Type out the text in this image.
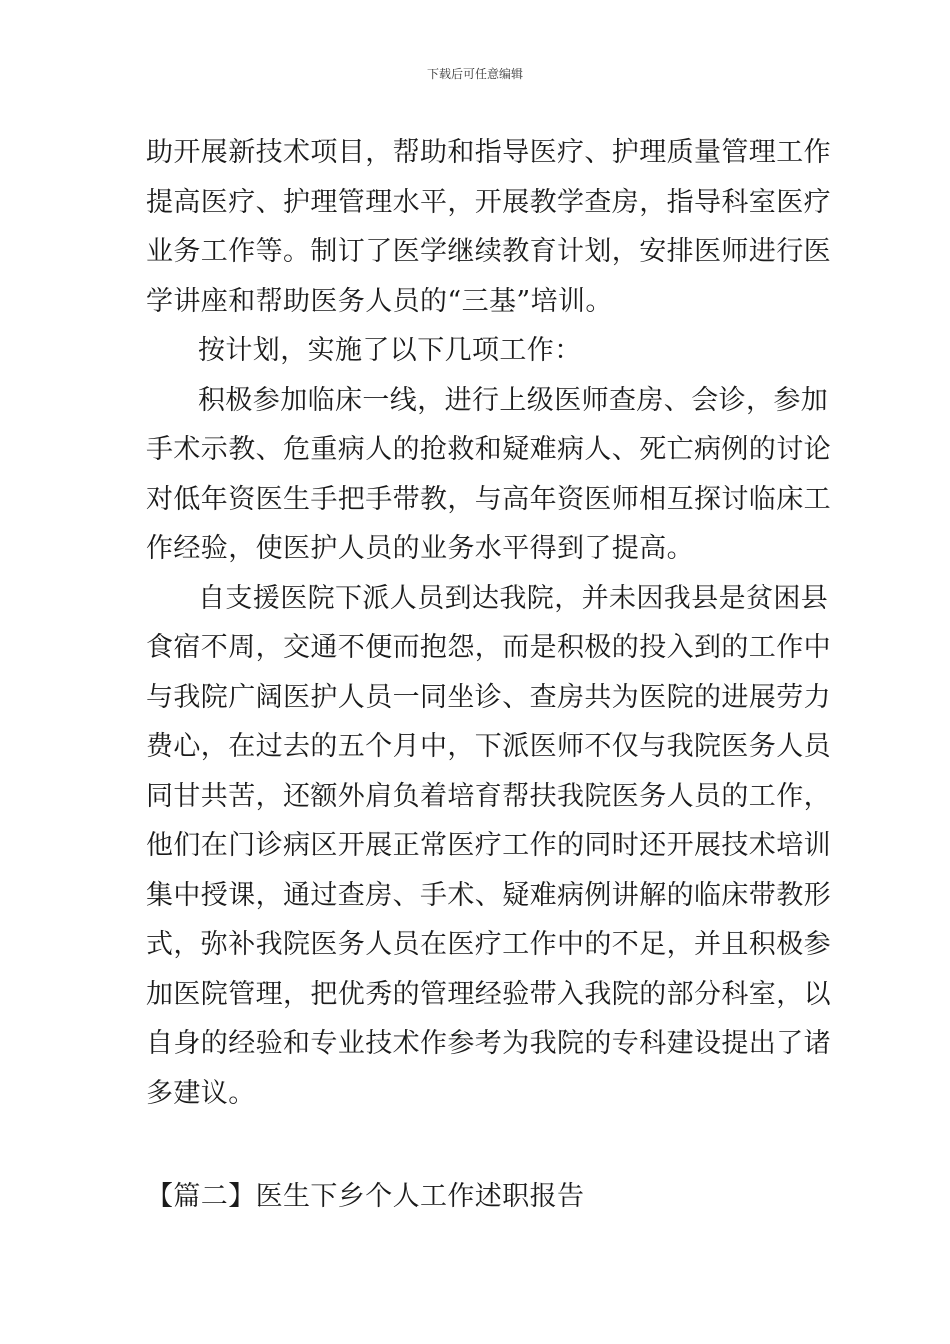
下载后可任意编辑
助开展新技术项目，帮助和指导医疗、护理质量管理工作
提高医疗、护理管理水平，开展教学查房，指导科室医疗
业务工作等。制订了医学继续教育计划，安排医师进行医
学讲座和帮助医务人员的“三基”培训。
按计划，实施了以下几项工作：
积极参加临床一线，进行上级医师查房、会诊，参加
手术示教、危重病人的抢救和疑难病人、死亡病例的讨论
对低年资医生手把手带教，与高年资医师相互探讨临床工
作经验，使医护人员的业务水平得到了提高。
自支援医院下派人员到达我院，并未因我县是贫困县
食宿不周，交通不便而抱怨，而是积极的投入到的工作中
与我院广阔医护人员一同坐诊、查房共为医院的进展劳力
费心，在过去的五个月中，下派医师不仅与我院医务人员
同甘共苦，还额外肩负着培育帮扶我院医务人员的工作，
他们在门诊病区开展正常医疗工作的同时还开展技术培训
集中授课，通过查房、手术、疑难病例讲解的临床带教形
式，弥补我院医务人员在医疗工作中的不足，并且积极参
加医院管理，把优秀的管理经验带入我院的部分科室，以
自身的经验和专业技术作参考为我院的专科建设提出了诸
多建议。
【篇二】医生下乡个人工作述职报告
